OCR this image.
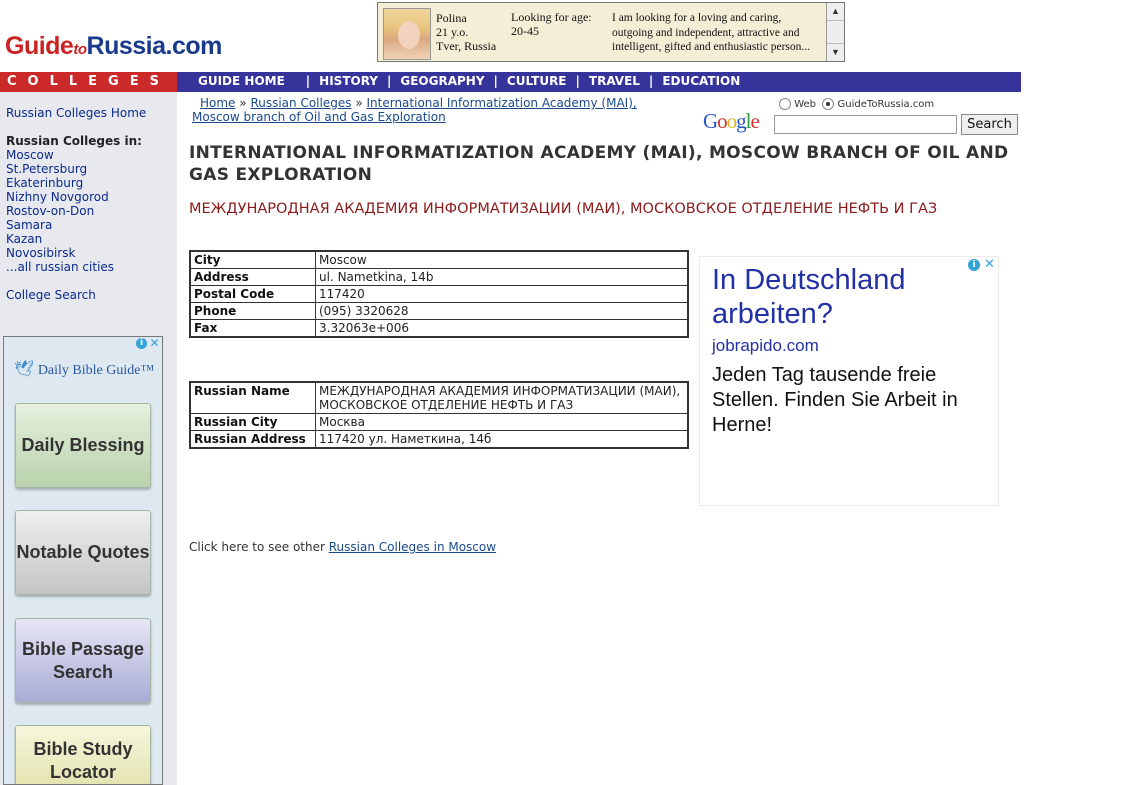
GuidetoRussia.com
Polina
21 y.o.
Tver, Russia
Looking for age:
20-45
I am looking for a loving and caring, outgoing and independent, attractive and intelligent, gifted and enthusiastic person...
▲
▼
COLLEGES	GUIDE HOME | HISTORY | GEOGRAPHY | CULTURE | TRAVEL | EDUCATION
Russian Colleges Home
Russian Colleges in:
Moscow
St.Petersburg
Ekaterinburg
Nizhny Novgorod
Rostov-on-Don
Samara
Kazan
Novosibirsk
...all russian cities
College Search
i ✕
🕊 Daily Bible Guide™
Daily Blessing
Notable Quotes
Bible Passage Search
Bible Study Locator
Home » Russian Colleges » International Informatization Academy (MAI), Moscow branch of Oil and Gas Exploration	Google
Web GuideToRussia.com
Search
INTERNATIONAL INFORMATIZATION ACADEMY (MAI), MOSCOW BRANCH OF OIL AND GAS EXPLORATION
МЕЖДУНАРОДНАЯ АКАДЕМИЯ ИНФОРМАТИЗАЦИИ (МАИ), МОСКОВСКОЕ ОТДЕЛЕНИЕ НЕФТЬ И ГАЗ
City	Moscow
Address	ul. Nametkina, 14b
Postal Code	117420
Phone	(095) 3320628
Fax	3.32063e+006
Russian Name	МЕЖДУНАРОДНАЯ АКАДЕМИЯ ИНФОРМАТИЗАЦИИ (МАИ), МОСКОВСКОЕ ОТДЕЛЕНИЕ НЕФТЬ И ГАЗ
Russian City	Москва
Russian Address	117420 ул. Наметкина, 14б
i ✕
In Deutschland arbeiten?
jobrapido.com
Jeden Tag tausende freie Stellen. Finden Sie Arbeit in Herne!
Click here to see other Russian Colleges in Moscow
